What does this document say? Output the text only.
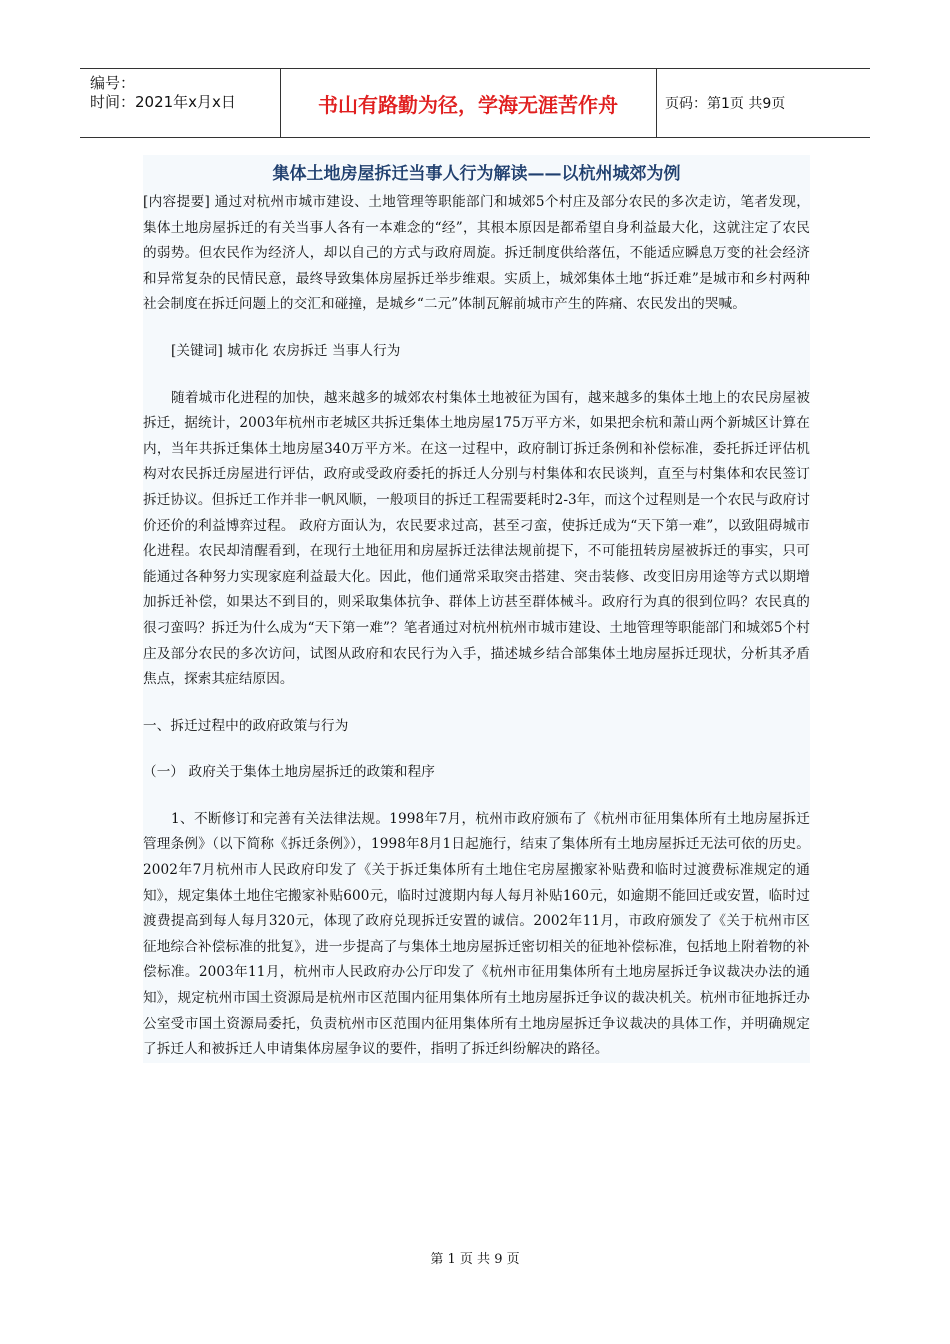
编号：
时间：2021年x月x日	书山有路勤为径，学海无涯苦作舟	页码：第1页 共9页
集体土地房屋拆迁当事人行为解读——以杭州城郊为例

[内容提要] 通过对杭州市城市建设、土地管理等职能部门和城郊5个村庄及部分农民的多次走访，笔者发现，集体土地房屋拆迁的有关当事人各有一本难念的“经”，其根本原因是都希望自身利益最大化，这就注定了农民的弱势。但农民作为经济人，却以自己的方式与政府周旋。拆迁制度供给落伍，不能适应瞬息万变的社会经济和异常复杂的民情民意，最终导致集体房屋拆迁举步维艰。实质上，城郊集体土地“拆迁难”是城市和乡村两种社会制度在拆迁问题上的交汇和碰撞，是城乡“二元”体制瓦解前城市产生的阵痛、农民发出的哭喊。

[关键词] 城市化 农房拆迁 当事人行为

随着城市化进程的加快，越来越多的城郊农村集体土地被征为国有，越来越多的集体土地上的农民房屋被拆迁，据统计，2003年杭州市老城区共拆迁集体土地房屋175万平方米，如果把余杭和萧山两个新城区计算在内，当年共拆迁集体土地房屋340万平方米。在这一过程中，政府制订拆迁条例和补偿标准，委托拆迁评估机构对农民拆迁房屋进行评估，政府或受政府委托的拆迁人分别与村集体和农民谈判，直至与村集体和农民签订拆迁协议。但拆迁工作并非一帆风顺，一般项目的拆迁工程需要耗时2-3年，而这个过程则是一个农民与政府讨价还价的利益博弈过程。 政府方面认为，农民要求过高，甚至刁蛮，使拆迁成为“天下第一难”，以致阻碍城市化进程。农民却清醒看到，在现行土地征用和房屋拆迁法律法规前提下，不可能扭转房屋被拆迁的事实，只可能通过各种努力实现家庭利益最大化。因此，他们通常采取突击搭建、突击装修、改变旧房用途等方式以期增加拆迁补偿，如果达不到目的，则采取集体抗争、群体上访甚至群体械斗。政府行为真的很到位吗？农民真的很刁蛮吗？拆迁为什么成为“天下第一难”？笔者通过对杭州杭州市城市建设、土地管理等职能部门和城郊5个村庄及部分农民的多次访问，试图从政府和农民行为入手，描述城乡结合部集体土地房屋拆迁现状，分析其矛盾焦点，探索其症结原因。

一、拆迁过程中的政府政策与行为

（一） 政府关于集体土地房屋拆迁的政策和程序

1、不断修订和完善有关法律法规。1998年7月，杭州市政府颁布了《杭州市征用集体所有土地房屋拆迁管理条例》（以下简称《拆迁条例》），1998年8月1日起施行，结束了集体所有土地房屋拆迁无法可依的历史。2002年7月杭州市人民政府印发了《关于拆迁集体所有土地住宅房屋搬家补贴费和临时过渡费标准规定的通知》，规定集体土地住宅搬家补贴600元，临时过渡期内每人每月补贴160元，如逾期不能回迁或安置，临时过渡费提高到每人每月320元，体现了政府兑现拆迁安置的诚信。2002年11月，市政府颁发了《关于杭州市区征地综合补偿标准的批复》，进一步提高了与集体土地房屋拆迁密切相关的征地补偿标准，包括地上附着物的补偿标准。2003年11月，杭州市人民政府办公厅印发了《杭州市征用集体所有土地房屋拆迁争议裁决办法的通知》，规定杭州市国土资源局是杭州市区范围内征用集体所有土地房屋拆迁争议的裁决机关。杭州市征地拆迁办公室受市国土资源局委托，负责杭州市区范围内征用集体所有土地房屋拆迁争议裁决的具体工作，并明确规定了拆迁人和被拆迁人申请集体房屋争议的要件，指明了拆迁纠纷解决的路径。

第 1 页 共 9 页
